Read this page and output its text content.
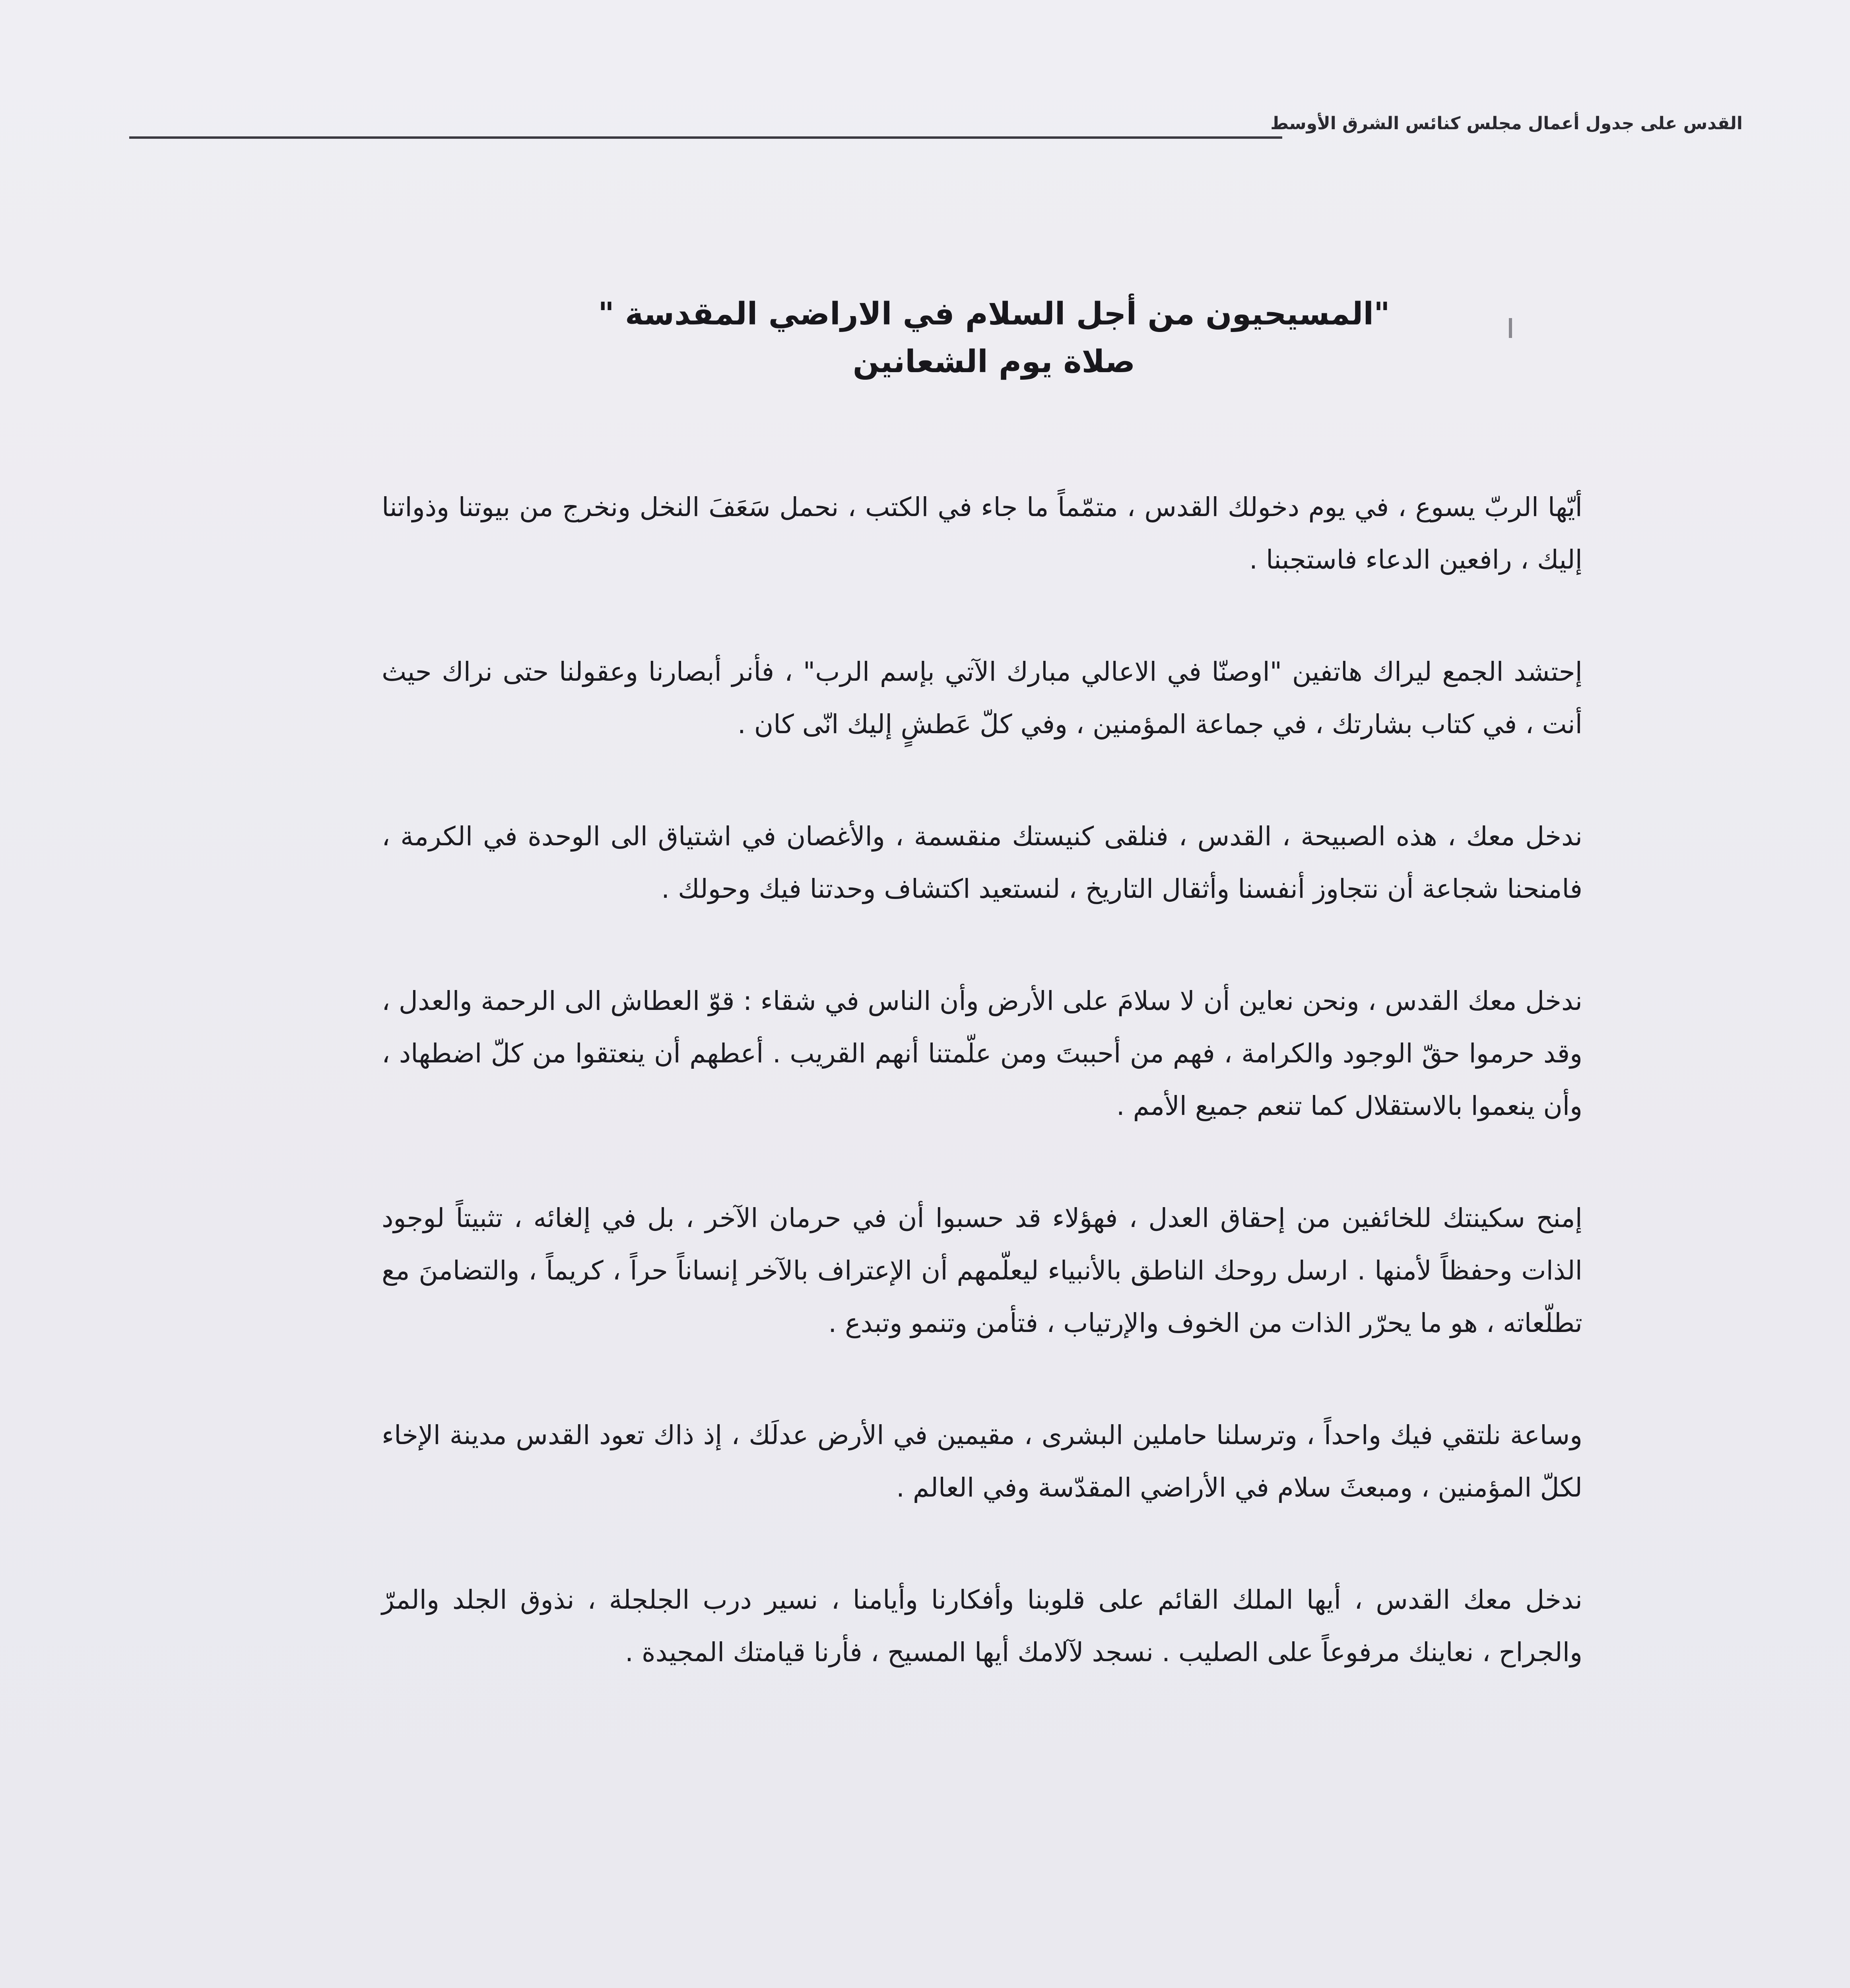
القدس على جدول أعمال مجلس كنائس الشرق الأوسط
"المسيحيون من أجل السلام في الاراضي المقدسة "
صلاة يوم الشعانين

أيّها الربّ يسوع ، في يوم دخولك القدس ، متمّماً ما جاء في الكتب ، نحمل سَعَفَ النخل ونخرج من بيوتنا وذواتنا إليك ، رافعين الدعاء فاستجبنا .

إحتشد الجمع ليراك هاتفين "اوصنّا في الاعالي مبارك الآتي بإسم الرب" ، فأنر أبصارنا وعقولنا حتى نراك حيث أنت ، في كتاب بشارتك ، في جماعة المؤمنين ، وفي كلّ عَطشٍ إليك انّى كان .

ندخل معك ، هذه الصبيحة ، القدس ، فنلقى كنيستك منقسمة ، والأغصان في اشتياق الى الوحدة في الكرمة ، فامنحنا شجاعة أن نتجاوز أنفسنا وأثقال التاريخ ، لنستعيد اكتشاف وحدتنا فيك وحولك .

ندخل معك القدس ، ونحن نعاين أن لا سلامَ على الأرض وأن الناس في شقاء : قوّ العطاش الى الرحمة والعدل ، وقد حرموا حقّ الوجود والكرامة ، فهم من أحببتَ ومن علّمتنا أنهم القريب . أعطهم أن ينعتقوا من كلّ اضطهاد ، وأن ينعموا بالاستقلال كما تنعم جميع الأمم .

إمنح سكينتك للخائفين من إحقاق العدل ، فهؤلاء قد حسبوا أن في حرمان الآخر ، بل في إلغائه ، تثبيتاً لوجود الذات وحفظاً لأمنها . ارسل روحك الناطق بالأنبياء ليعلّمهم أن الإعتراف بالآخر إنساناً حراً ، كريماً ، والتضامنَ مع تطلّعاته ، هو ما يحرّر الذات من الخوف والإرتياب ، فتأمن وتنمو وتبدع .

وساعة نلتقي فيك واحداً ، وترسلنا حاملين البشرى ، مقيمين في الأرض عدلَك ، إذ ذاك تعود القدس مدينة الإخاء لكلّ المؤمنين ، ومبعثَ سلام في الأراضي المقدّسة وفي العالم .

ندخل معك القدس ، أيها الملك القائم على قلوبنا وأفكارنا وأيامنا ، نسير درب الجلجلة ، نذوق الجلد والمرّ والجراح ، نعاينك مرفوعاً على الصليب . نسجد لآلامك أيها المسيح ، فأرنا قيامتك المجيدة .
